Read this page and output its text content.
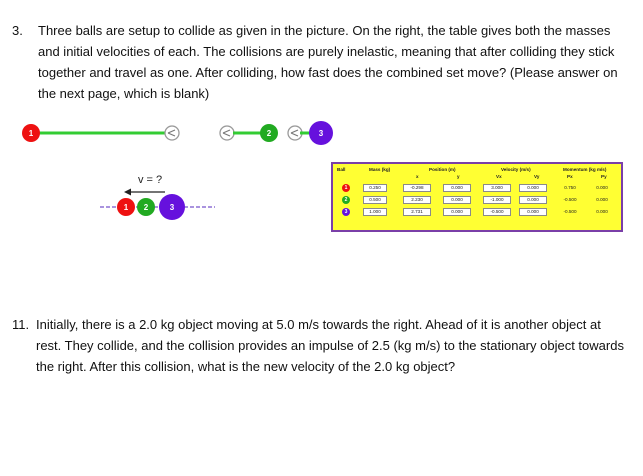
3. Three balls are setup to collide as given in the picture. On the right, the table gives both the masses and initial velocities of each. The collisions are purely inelastic, meaning that after colliding they stick together and travel as one. After colliding, how fast does the combined set move? (Please answer on the next page, which is blank)
1	2	3
v = ?
1 2	3
Ball	Mass (kg)	Position (m)	Velocity (m/s)	Momentum (kg m/s)
x	y	Vx	Vy	Px	Py
1	0.250	-0.298	0.000	3.000	0.000	0.750	0.000
2	0.500	2.230	0.000	-1.000	0.000	-0.500	0.000
3	1.000	2.731	0.000	-0.500	0.000	-0.500	0.000
11. Initially, there is a 2.0 kg object moving at 5.0 m/s towards the right. Ahead of it is another object at rest. They collide, and the collision provides an impulse of 2.5 (kg m/s) to the stationary object towards the right. After this collision, what is the new velocity of the 2.0 kg object?
